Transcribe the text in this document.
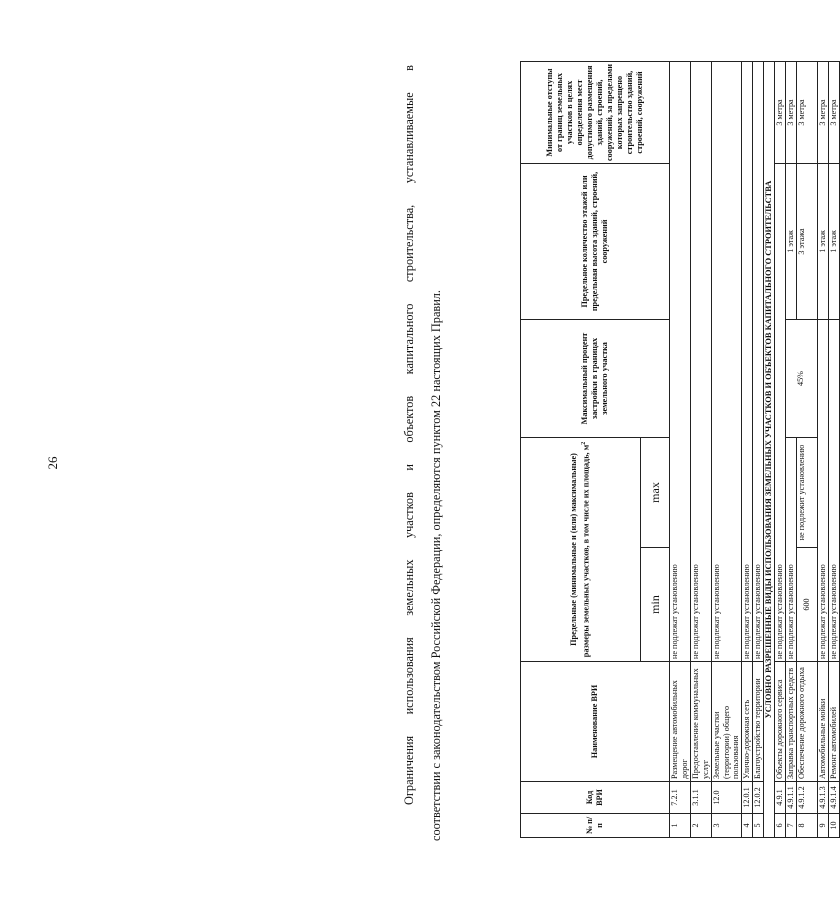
26
№ п/п	Код ВРИ	Наименование ВРИ	Предельные (минимальные и (или) максимальные) размеры земельных участков, в том числе их площадь, $м^2$		Максимальный процент застройки в границах земельного участка	Предельное количество этажей или предельная высота зданий, строений, сооружений	Минимальные отступы от границ земельных участков в целях определения мест допустимого размещения зданий, строений, сооружений, за пределами которых запрещено строительство зданий, строений, сооружений
			min	max			
1	7.2.1	Размещение автомобильных дорог	не подлежат установлению				
2	3.1.1	Предоставление коммунальных услуг	не подлежат установлению				
3	12.0	Земельные участки (территории) общего пользования	не подлежат установлению				
4	12.0.1	Улично-дорожная сеть	не подлежат установлению				
5	12.0.2	Благоустройство территории	не подлежат установлению				
УСЛОВНО РАЗРЕШЕННЫЕ ВИДЫ ИСПОЛЬЗОВАНИЯ ЗЕМЕЛЬНЫХ УЧАСТКОВ И ОБЪЕКТОВ КАПИТАЛЬНОГО СТРОИТЕЛЬСТВА							
6	4.9.1	Объекты дорожного сервиса	не подлежат установлению				3 метра
7	4.9.1.1	Заправка транспортных средств	не подлежат установлению		45%	1 этаж	3 метра
8	4.9.1.2	Обеспечение дорожного отдыха	600	не подлежит установлению		3 этажа	3 метра
9	4.9.1.3	Автомобильные мойки	не подлежат установлению			1 этаж	3 метра
10	4.9.1.4	Ремонт автомобилей	не подлежат установлению			1 этаж	3 метра

Ограничения использования земельных участков и объектов капитального строительства, устанавливаемые в	соответствии с законодательством Российской Федерации, определяются пунктом 22 настоящих Правил.
